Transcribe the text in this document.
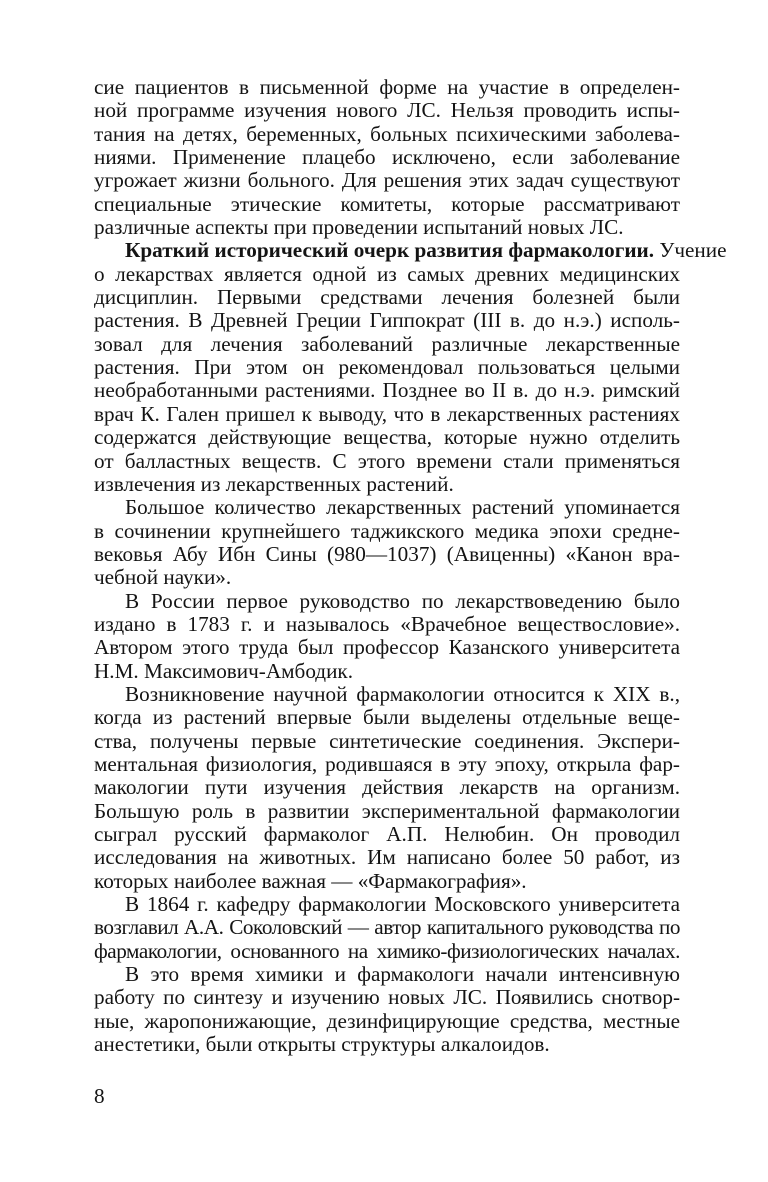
сие пациентов в письменной форме на участие в определен-
ной программе изучения нового ЛС. Нельзя проводить испы-
тания на детях, беременных, больных психическими заболева-
ниями. Применение плацебо исключено, если заболевание
угрожает жизни больного. Для решения этих задач существуют
специальные этические комитеты, которые рассматривают
различные аспекты при проведении испытаний новых ЛС.
Краткий исторический очерк развития фармакологии. Учение
о лекарствах является одной из самых древних медицинских
дисциплин. Первыми средствами лечения болезней были
растения. В Древней Греции Гиппократ (III в. до н.э.) исполь-
зовал для лечения заболеваний различные лекарственные
растения. При этом он рекомендовал пользоваться целыми
необработанными растениями. Позднее во II в. до н.э. римский
врач К. Гален пришел к выводу, что в лекарственных растениях
содержатся действующие вещества, которые нужно отделить
от балластных веществ. С этого времени стали применяться
извлечения из лекарственных растений.
Большое количество лекарственных растений упоминается
в сочинении крупнейшего таджикского медика эпохи средне-
вековья Абу Ибн Сины (980—1037) (Авиценны) «Канон вра-
чебной науки».
В России первое руководство по лекарствоведению было
издано в 1783 г. и называлось «Врачебное веществословие».
Автором этого труда был профессор Казанского университета
Н.М. Максимович-Амбодик.
Возникновение научной фармакологии относится к XIX в.,
когда из растений впервые были выделены отдельные веще-
ства, получены первые синтетические соединения. Экспери-
ментальная физиология, родившаяся в эту эпоху, открыла фар-
макологии пути изучения действия лекарств на организм.
Большую роль в развитии экспериментальной фармакологии
сыграл русский фармаколог А.П. Нелюбин. Он проводил
исследования на животных. Им написано более 50 работ, из
которых наиболее важная — «Фармакография».
В 1864 г. кафедру фармакологии Московского университета
возглавил А.А. Соколовский — автор капитального руководства по
фармакологии, основанного на химико-физиологических началах.
В это время химики и фармакологи начали интенсивную
работу по синтезу и изучению новых ЛС. Появились снотвор-
ные, жаропонижающие, дезинфицирующие средства, местные
анестетики, были открыты структуры алкалоидов.
8
